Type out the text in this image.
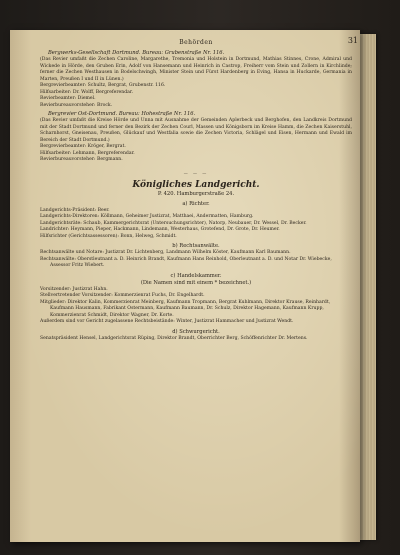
Behörden	31
Bergwerks-Gesellschaft Dortmund. Bureau: Grubenstraße Nr. 116.
(Das Revier umfaßt die Zechen Caroline, Margarethe, Tremonia und Holstein in Dortmund, Mathias Stinnes, Crone, Admiral und Wickede in Hörde, den Gruben Erin, Adolf von Hansemann und Heinrich in Castrop, Freiherr vom Stein und Zollern in Kirchlinde; ferner die Zechen Westhausen in Bodelschwingh, Minister Stein und Fürst Hardenberg in Eving, Hansa in Huckarde, Germania in Marten, Preußen I und II in Lünen.)
Bergrevierbeamter: Schultz, Bergrat, Grubenstr. 116.
Hilfsarbeiter: Dr. Wolff, Bergreferendar.
Revierbeamter: Diemel.
Revierbureauvorsteher: Brock.
Bergrevier Ost-Dortmund. Bureau: Hohestraße Nr. 116.
(Das Revier umfaßt die Kreise Hörde und Unna mit Ausnahme der Gemeinden Aplerbeck und Berghofen, den Landkreis Dortmund mit der Stadt Dortmund und ferner den Bezirk der Zechen Courl, Massen und Königsborn im Kreise Hamm, die Zechen Kaiserstuhl, Scharnhorst, Gneisenau, Preußen, Glückauf und Westfalia sowie die Zechen Victoria, Schlägel und Eisen, Hermann und Ewald im Bereich der Stadt Dortmund.)
Bergrevierbeamter: Kröger, Bergrat.
Hilfsarbeiter: Lehmann, Bergreferendar.
Revierbureauvorsteher: Bergmann.
— — —
Königliches Landgericht.
P. 420. Hamburgerstraße 24.
a) Richter.
Landgerichts-Präsident: Beer.
Landgerichts-Direktoren: Köllmann, Geheimer Justizrat, Matthaei, Andermatten, Hamburg.
Landgerichtsräte: Schaub, Kammergerichtsrat (Untersuchungsrichter), Natorp, Neubauer, Dr. Wessel, Dr. Becker.
Landrichter: Heymann, Pieper, Hackmann, Lindemann, Westerhaus, Grotefend, Dr. Grote, Dr. Heumer.
Hilfsrichter (Gerichtsassessoren): Bonn, Helweg, Schmidt.
b) Rechtsanwälte.
Rechtsanwälte und Notare: Justizrat Dr. Lichtenberg, Landmann Wilhelm Köster, Kaufmann Karl Baumann.
Rechtsanwälte: Oberstleutnant a. D. Heinrich Brandt, Kaufmann Hans Reinhold, Oberleutnant a. D. und Notar Dr. Wiebecke, Assessor Fritz Wiebert.
c) Handelskammer.
(Die Namen sind mit einem * bezeichnet.)
Vorsitzender: Justizrat Hahn.
Stellvertretender Vorsitzender: Kommerzienrat Fuchs, Dr. Engelhardt.
Mitglieder: Direktor Kalin, Kommerzienrat Meinberg, Kaufmann Tropmann, Bergrat Kuhlmann, Direktor Krause, Reinhardt, Kaufmann Hausmann, Fabrikant Ostermann, Kaufmann Baumann, Dr. Schulz, Direktor Hagemann, Kaufmann Krupp, Kommerzienrat Schmidt, Direktor Wagner, Dr. Korte.
Außerdem sind vor Gericht zugelassene Rechtsbeistände: Winter, Justizrat Hammacher und Justizrat Wendt.
d) Schwurgericht.
Senatspräsident Hensel, Landgerichtsrat Rüping, Direktor Brandt, Oberrichter Berg, Schöffenrichter Dr. Mertens.
